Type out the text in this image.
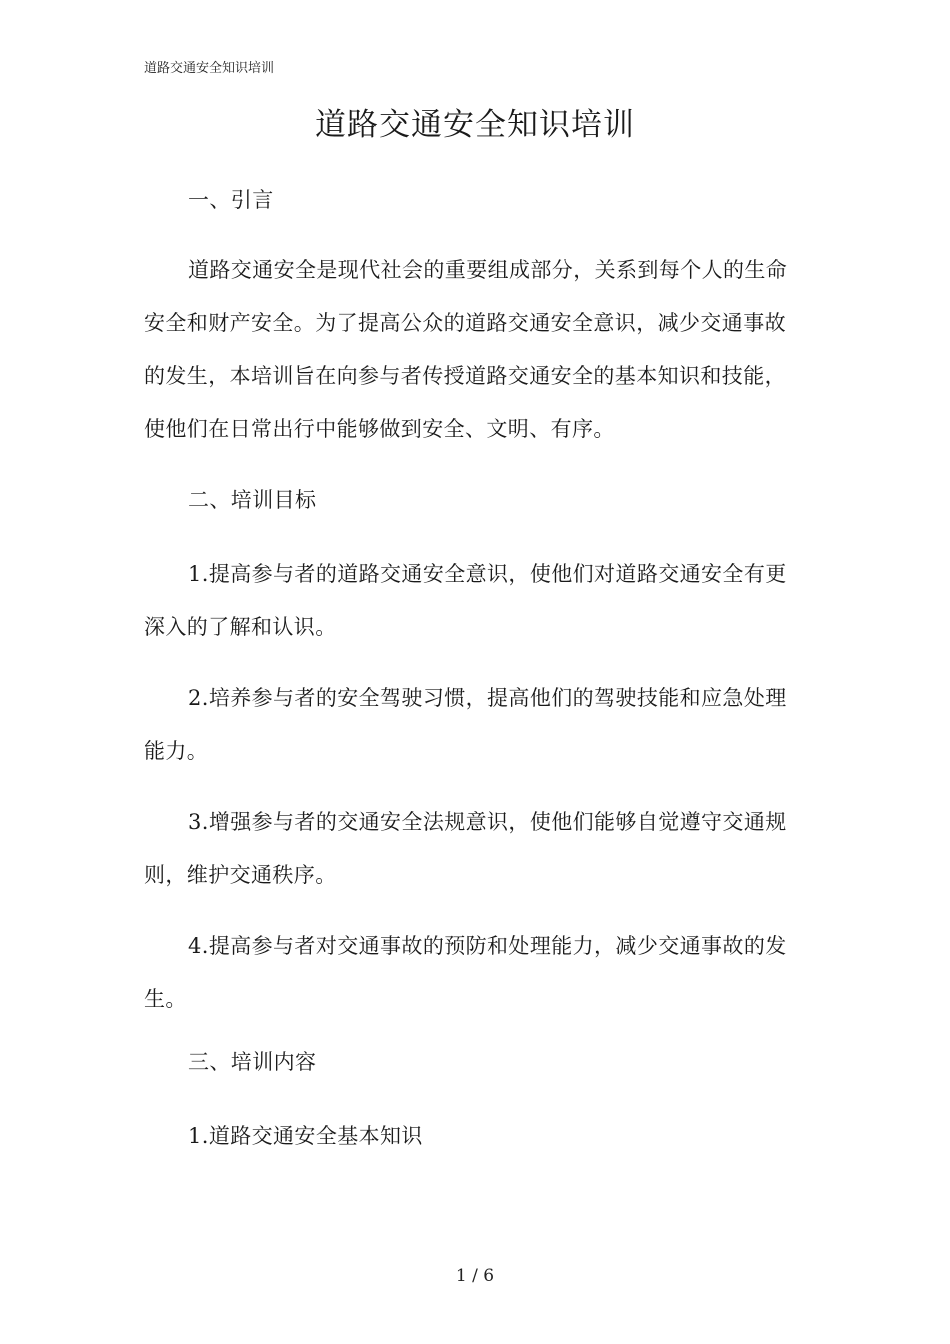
道路交通安全知识培训
道路交通安全知识培训

一、引言

道路交通安全是现代社会的重要组成部分，关系到每个人的生命安全和财产安全。为了提高公众的道路交通安全意识，减少交通事故的发生，本培训旨在向参与者传授道路交通安全的基本知识和技能，使他们在日常出行中能够做到安全、文明、有序。

二、培训目标

1.提高参与者的道路交通安全意识，使他们对道路交通安全有更深入的了解和认识。

2.培养参与者的安全驾驶习惯，提高他们的驾驶技能和应急处理能力。

3.增强参与者的交通安全法规意识，使他们能够自觉遵守交通规则，维护交通秩序。

4.提高参与者对交通事故的预防和处理能力，减少交通事故的发生。

三、培训内容

1.道路交通安全基本知识

1 / 6
